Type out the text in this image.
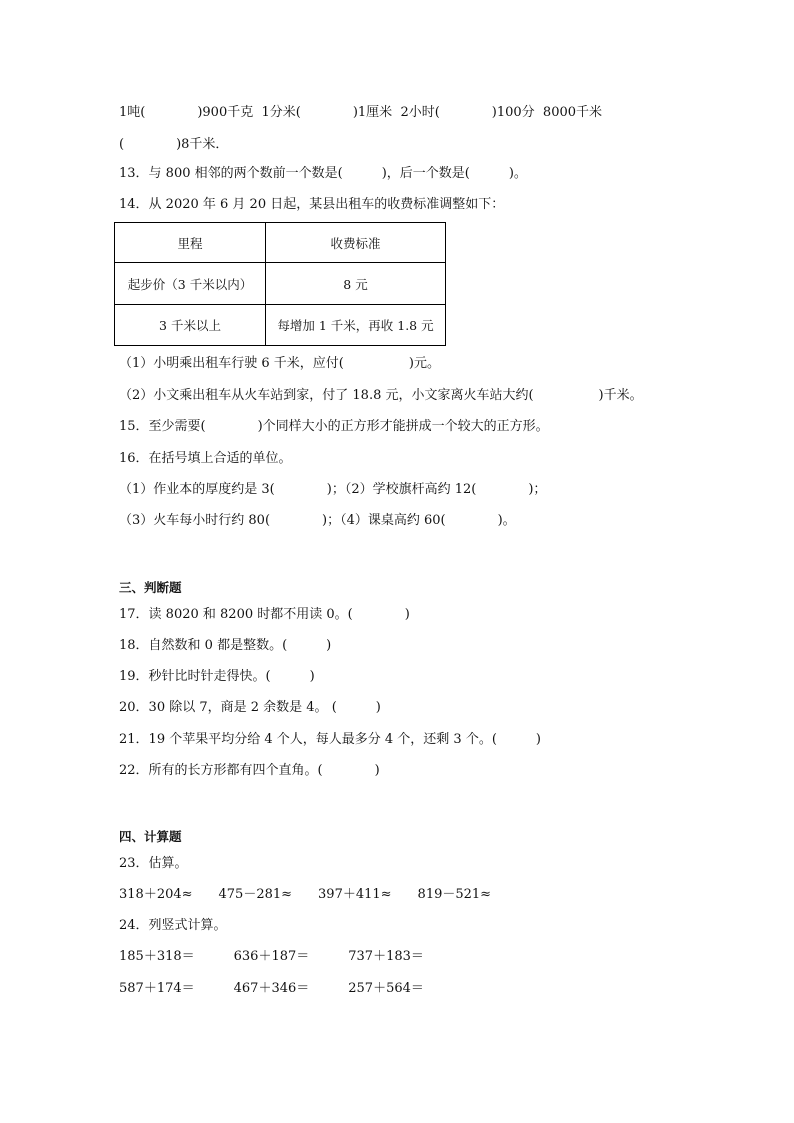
1吨(　　　　)900千克  1分米(　　　　)1厘米  2小时(　　　　)100分  8000千米
(　　　　)8千米．
13．与 800 相邻的两个数前一个数是(　　　)，后一个数是(　　　)。
14．从 2020 年 6 月 20 日起，某县出租车的收费标准调整如下：
里程	收费标准
起步价（3 千米以内）	8 元
3 千米以上	每增加 1 千米，再收 1.8 元
（1）小明乘出租车行驶 6 千米，应付(　　　　　)元。
（2）小文乘出租车从火车站到家，付了 18.8 元，小文家离火车站大约(　　　　　)千米。
15．至少需要(　　　　)个同样大小的正方形才能拼成一个较大的正方形。
16．在括号填上合适的单位。
（1）作业本的厚度约是 3(　　　　)；（2）学校旗杆高约 12(　　　　)；
（3）火车每小时行约 80(　　　　)；（4）课桌高约 60(　　　　)。
三、判断题
17．读 8020 和 8200 时都不用读 0。(　　　　)
18．自然数和 0 都是整数。(　　　)
19．秒针比时针走得快。(　　　)
20．30 除以 7，商是 2 余数是 4。 (　　　)
21．19 个苹果平均分给 4 个人，每人最多分 4 个，还剩 3 个。(　　　)
22．所有的长方形都有四个直角。(　　　　)
四、计算题
23．估算。
318＋204≈　　475－281≈　　397＋411≈　　819－521≈
24．列竖式计算。
185＋318＝　　　636＋187＝　　　737＋183＝
587＋174＝　　　467＋346＝　　　257＋564＝
